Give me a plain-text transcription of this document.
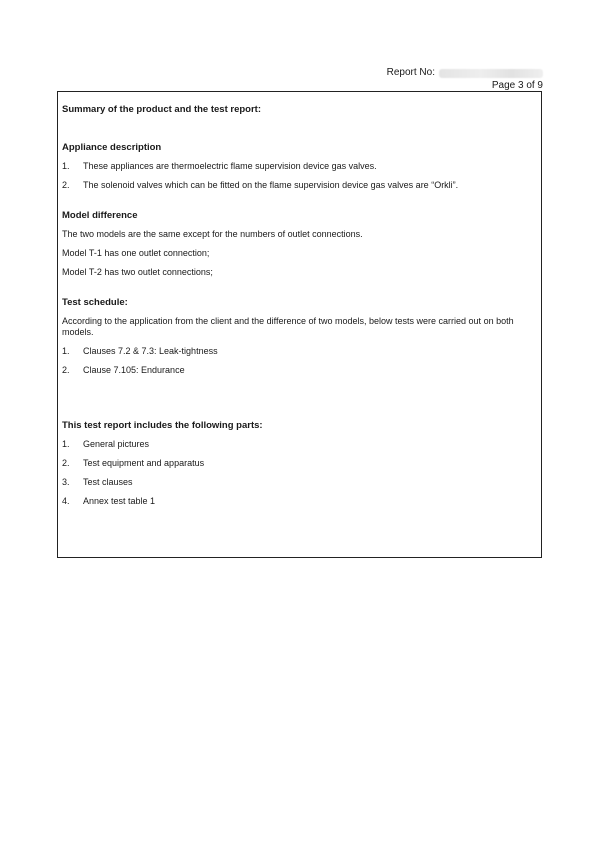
Report No:
Page 3 of 9

Summary of the product and the test report:

Appliance description

1.	These appliances are thermoelectric flame supervision device gas valves.
2.	The solenoid valves which can be fitted on the flame supervision device gas valves are “Orkli”.

Model difference

The two models are the same except for the numbers of outlet connections.

Model T-1 has one outlet connection;

Model T-2 has two outlet connections;

Test schedule:

According to the application from the client and the difference of two models, below tests were carried out on both models.

1.	Clauses 7.2 & 7.3: Leak-tightness
2.	Clause 7.105: Endurance

This test report includes the following parts:

1.	General pictures
2.	Test equipment and apparatus
3.	Test clauses
4.	Annex test table 1
